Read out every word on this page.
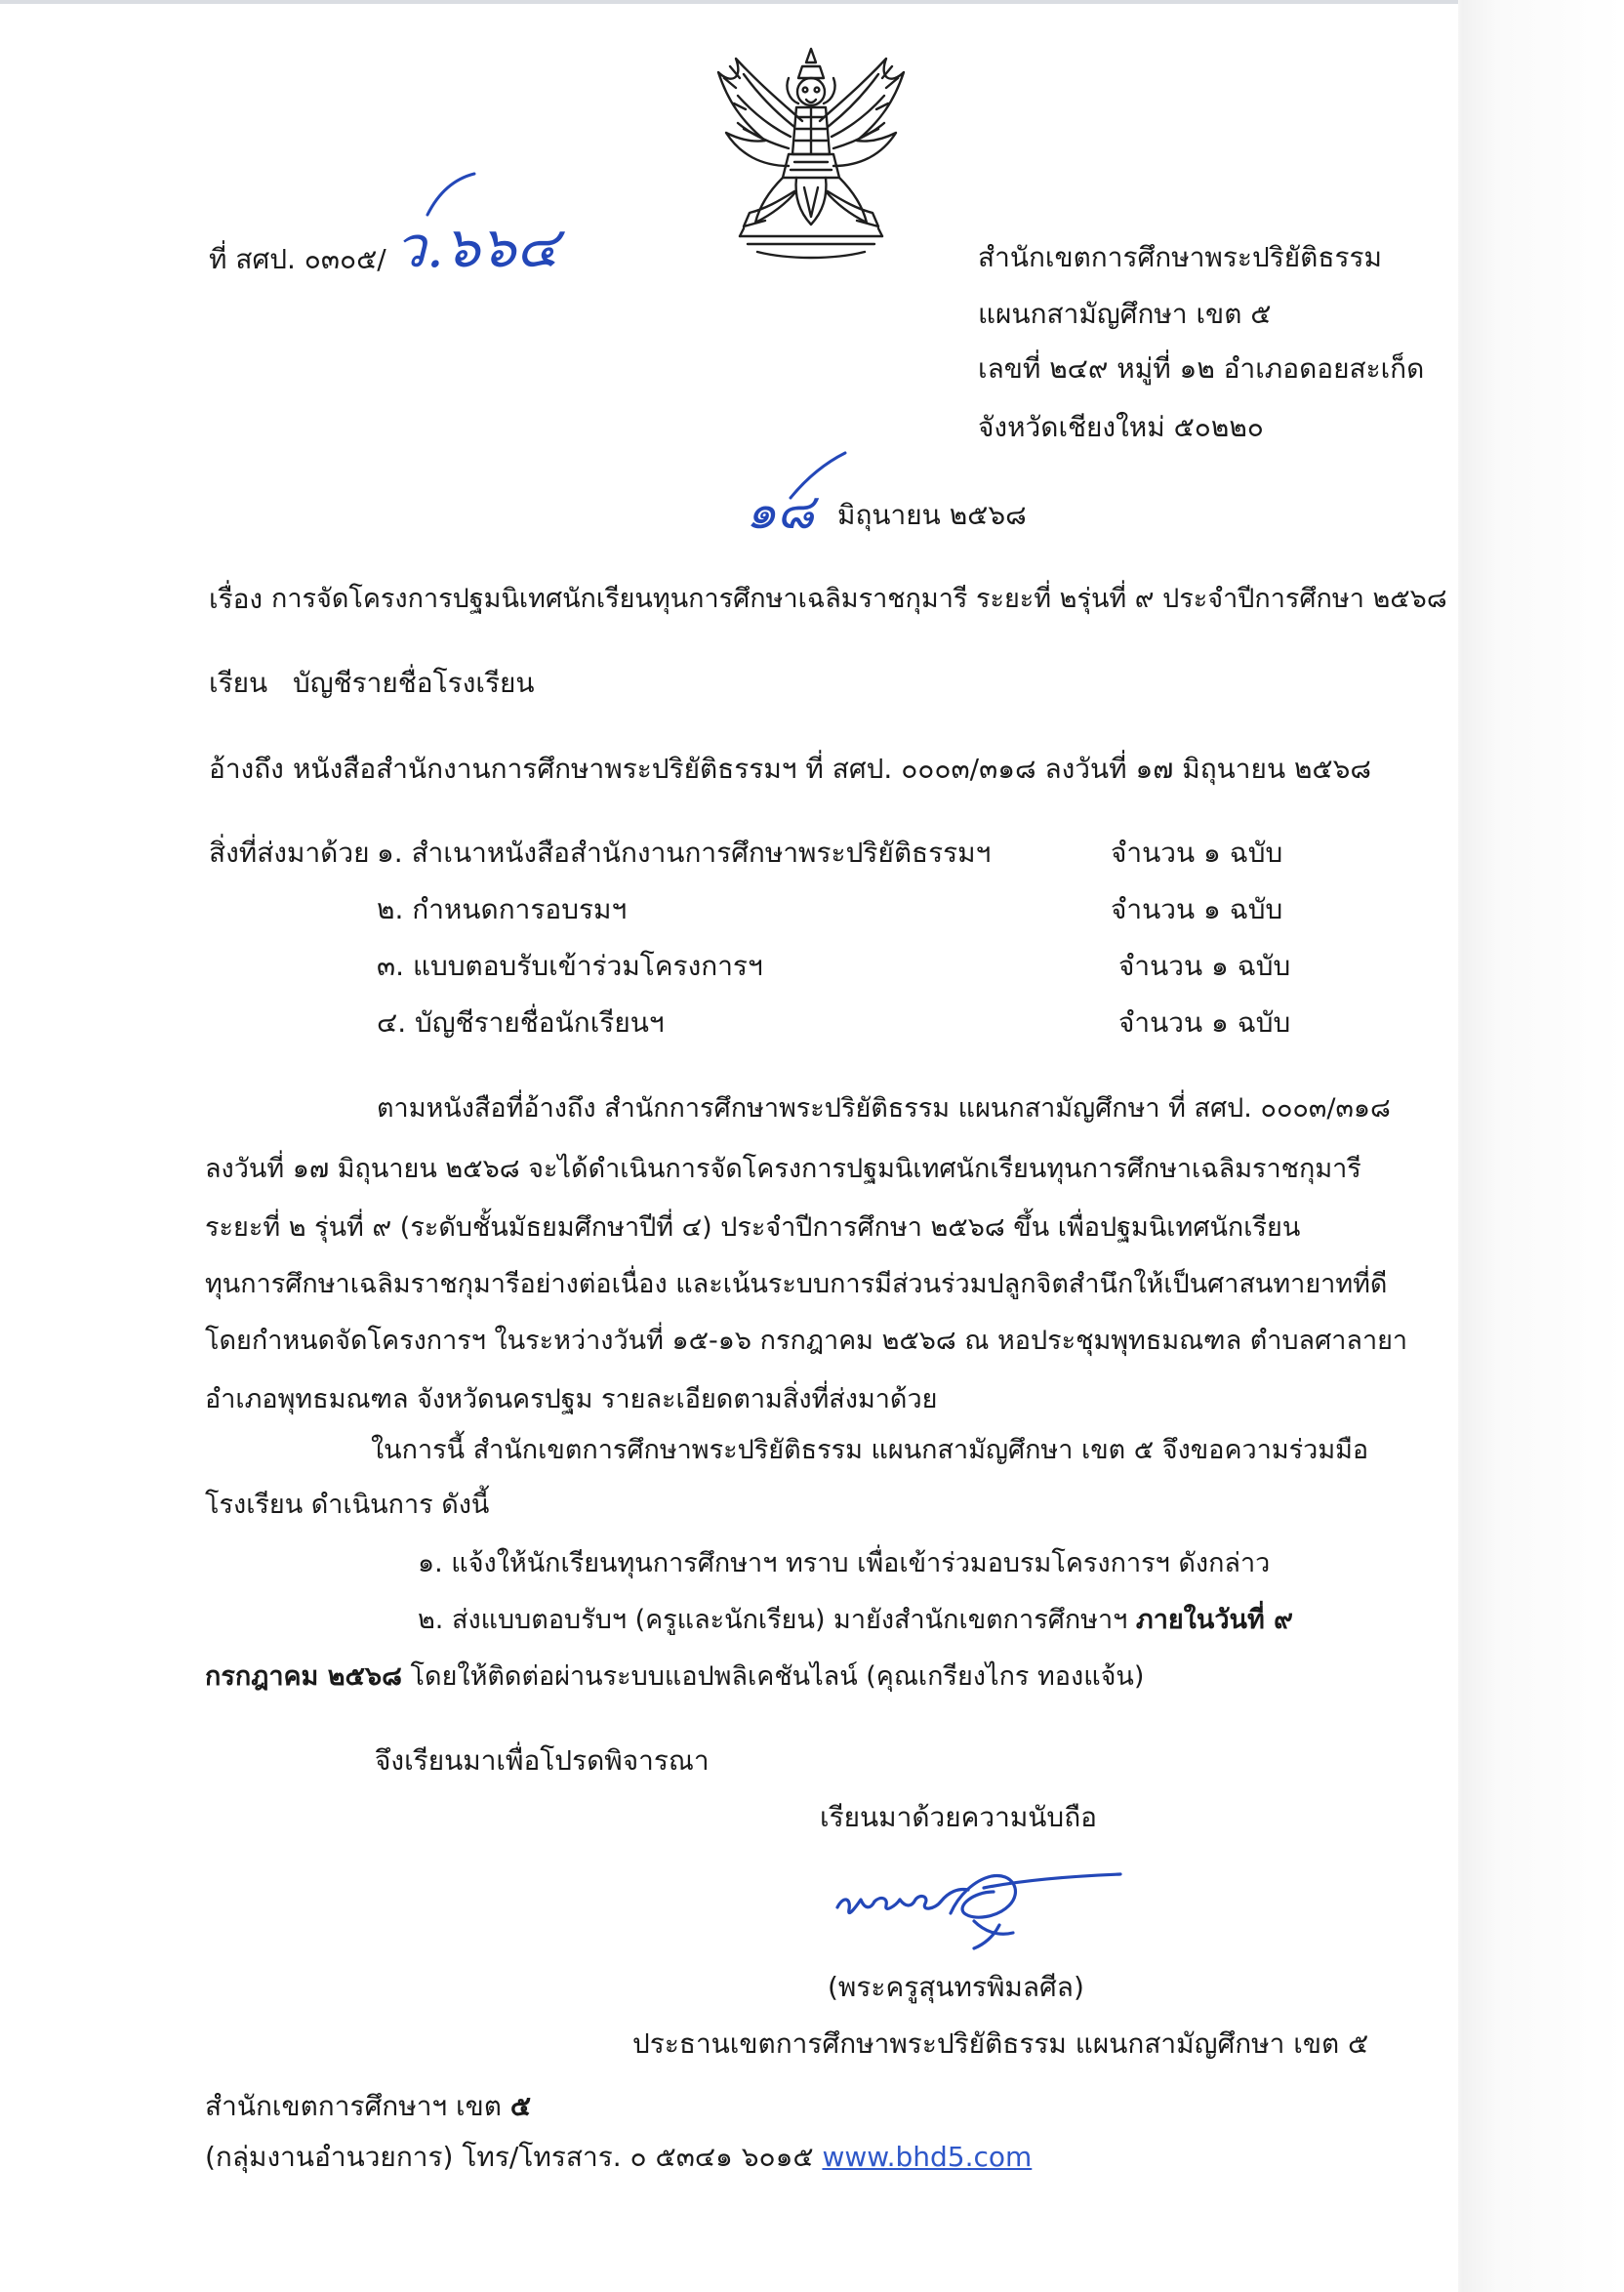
ที่ สศป. ๐๓๐๕/ ว.๖๖๔	สำนักเขตการศึกษาพระปริยัติธรรม
แผนกสามัญศึกษา เขต ๕
เลขที่ ๒๔๙ หมู่ที่ ๑๒ อำเภอดอยสะเก็ด
จังหวัดเชียงใหม่ ๕๐๒๒๐
๑๘ มิถุนายน ๒๕๖๘
เรื่อง การจัดโครงการปฐมนิเทศนักเรียนทุนการศึกษาเฉลิมราชกุมารี ระยะที่ ๒รุ่นที่ ๙ ประจำปีการศึกษา ๒๕๖๘
เรียน บัญชีรายชื่อโรงเรียน
อ้างถึง หนังสือสำนักงานการศึกษาพระปริยัติธรรมฯ ที่ สศป. ๐๐๐๓/๓๑๘ ลงวันที่ ๑๗ มิถุนายน ๒๕๖๘
สิ่งที่ส่งมาด้วย ๑. สำเนาหนังสือสำนักงานการศึกษาพระปริยัติธรรมฯ	จำนวน ๑ ฉบับ
๒. กำหนดการอบรมฯ	จำนวน ๑ ฉบับ
๓. แบบตอบรับเข้าร่วมโครงการฯ	จำนวน ๑ ฉบับ
๔. บัญชีรายชื่อนักเรียนฯ	จำนวน ๑ ฉบับ
ตามหนังสือที่อ้างถึง สำนักการศึกษาพระปริยัติธรรม แผนกสามัญศึกษา ที่ สศป. ๐๐๐๓/๓๑๘
ลงวันที่ ๑๗ มิถุนายน ๒๕๖๘ จะได้ดำเนินการจัดโครงการปฐมนิเทศนักเรียนทุนการศึกษาเฉลิมราชกุมารี
ระยะที่ ๒ รุ่นที่ ๙ (ระดับชั้นมัธยมศึกษาปีที่ ๔) ประจำปีการศึกษา ๒๕๖๘ ขึ้น เพื่อปฐมนิเทศนักเรียน
ทุนการศึกษาเฉลิมราชกุมารีอย่างต่อเนื่อง และเน้นระบบการมีส่วนร่วมปลูกจิตสำนึกให้เป็นศาสนทายาทที่ดี
โดยกำหนดจัดโครงการฯ ในระหว่างวันที่ ๑๕-๑๖ กรกฎาคม ๒๕๖๘ ณ หอประชุมพุทธมณฑล ตำบลศาลายา
อำเภอพุทธมณฑล จังหวัดนครปฐม รายละเอียดตามสิ่งที่ส่งมาด้วย
ในการนี้ สำนักเขตการศึกษาพระปริยัติธรรม แผนกสามัญศึกษา เขต ๕ จึงขอความร่วมมือ
โรงเรียน ดำเนินการ ดังนี้
๑. แจ้งให้นักเรียนทุนการศึกษาฯ ทราบ เพื่อเข้าร่วมอบรมโครงการฯ ดังกล่าว
๒. ส่งแบบตอบรับฯ (ครูและนักเรียน) มายังสำนักเขตการศึกษาฯ ภายในวันที่ ๙
กรกฎาคม ๒๕๖๘ โดยให้ติดต่อผ่านระบบแอปพลิเคชันไลน์ (คุณเกรียงไกร ทองแจ้น)
จึงเรียนมาเพื่อโปรดพิจารณา
เรียนมาด้วยความนับถือ
(พระครูสุนทรพิมลศีล)
ประธานเขตการศึกษาพระปริยัติธรรม แผนกสามัญศึกษา เขต ๕
สำนักเขตการศึกษาฯ เขต ๕
(กลุ่มงานอำนวยการ) โทร/โทรสาร. ๐ ๕๓๔๑ ๖๐๑๕ www.bhd5.com
